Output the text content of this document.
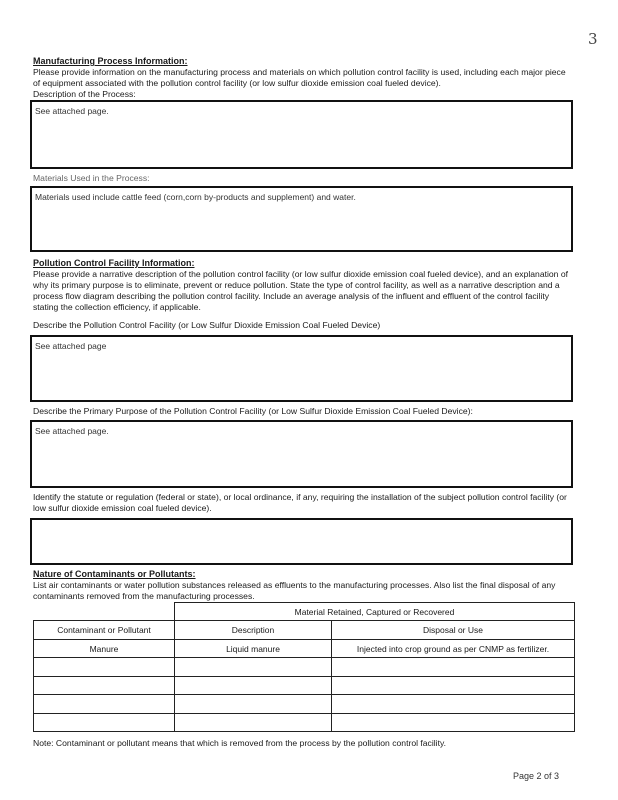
3
Manufacturing Process Information:
Please provide information on the manufacturing process and materials on which pollution control facility is used, including each major piece of equipment associated with the pollution control facility (or low sulfur dioxide emission coal fueled device).
Description of the Process:
See attached page.
Materials Used in the Process:
Materials used include cattle feed (corn,corn by-products and supplement) and water.
Pollution Control Facility Information:
Please provide a narrative description of the pollution control facility (or low sulfur dioxide emission coal fueled device), and an explanation of why its primary purpose is to eliminate, prevent or reduce pollution. State the type of control facility, as well as a narrative description and a process flow diagram describing the pollution control facility. Include an average analysis of the influent and effluent of the control facility stating the collection efficiency, if applicable.
Describe the Pollution Control Facility (or Low Sulfur Dioxide Emission Coal Fueled Device)
See attached page
Describe the Primary Purpose of the Pollution Control Facility (or Low Sulfur Dioxide Emission Coal Fueled Device):
See attached page.
Identify the statute or regulation (federal or state), or local ordinance, if any, requiring the installation of the subject pollution control facility (or low sulfur dioxide emission coal fueled device).
Nature of Contaminants or Pollutants:
List air contaminants or water pollution substances released as effluents to the manufacturing processes. Also list the final disposal of any contaminants removed from the manufacturing processes.
	Material Retained, Captured or Recovered	
Contaminant or Pollutant	Description	Disposal or Use
Manure	Liquid manure	Injected into crop ground as per CNMP as fertilizer.

Note: Contaminant or pollutant means that which is removed from the process by the pollution control facility.
Page 2 of 3
